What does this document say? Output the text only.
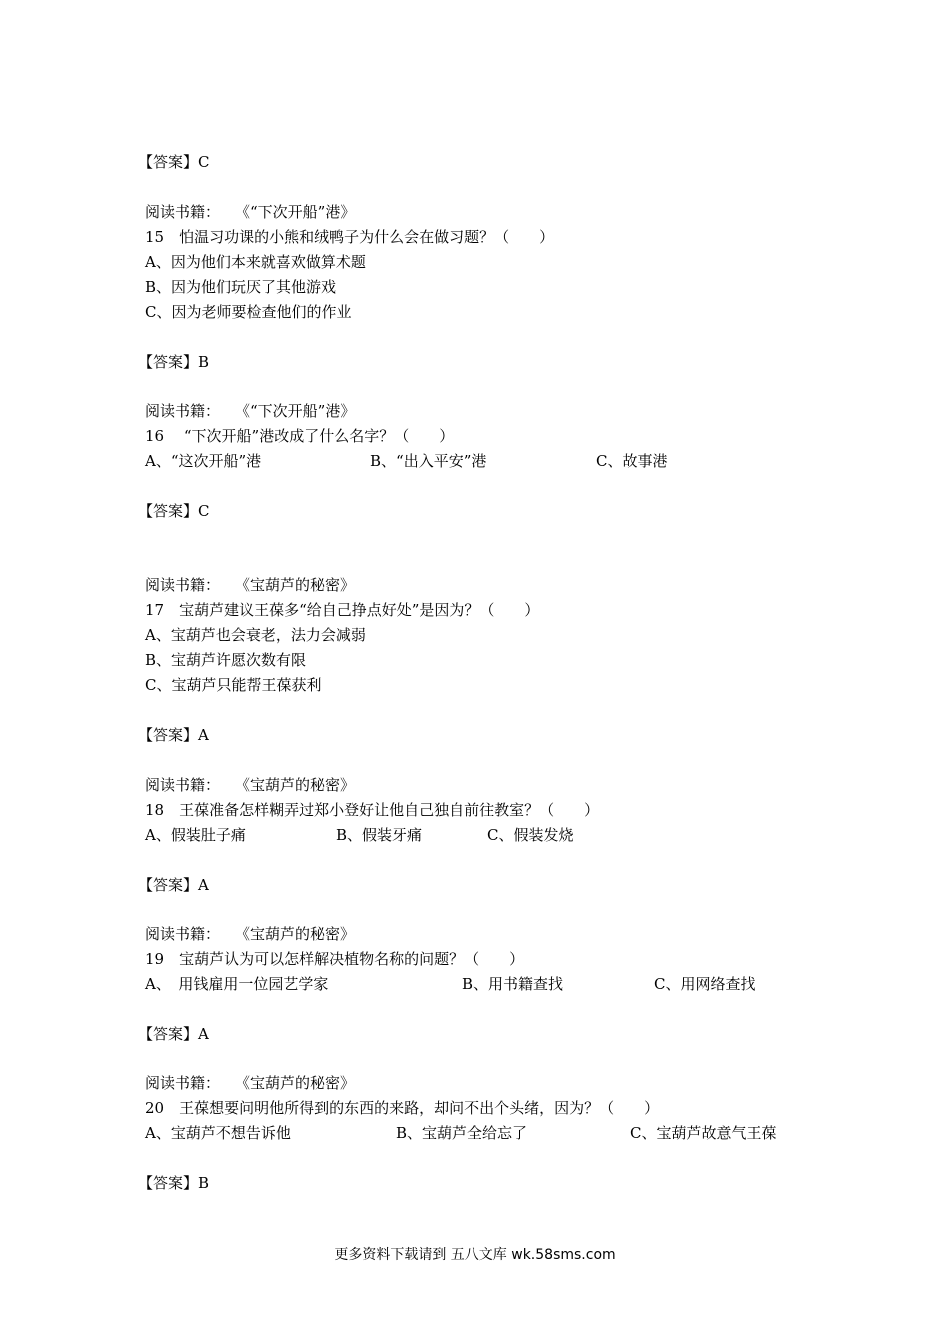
【答案】C
阅读书籍：　　《“下次开船”港》
15　怕温习功课的小熊和绒鸭子为什么会在做习题？（　　）
A、因为他们本来就喜欢做算术题
B、因为他们玩厌了其他游戏
C、因为老师要检查他们的作业
【答案】B
阅读书籍：　　《“下次开船”港》
16　 “下次开船”港改成了什么名字？（　　）
A、“这次开船”港	B、“出入平安”港	C、故事港
【答案】C
阅读书籍：　　《宝葫芦的秘密》
17　宝葫芦建议王葆多“给自己挣点好处”是因为？（　　）
A、宝葫芦也会衰老，法力会减弱
B、宝葫芦许愿次数有限
C、宝葫芦只能帮王葆获利
【答案】A
阅读书籍：　　《宝葫芦的秘密》
18　王葆准备怎样糊弄过郑小登好让他自己独自前往教室？（　　）
A、假装肚子痛	B、假装牙痛	C、假装发烧
【答案】A
阅读书籍：　　《宝葫芦的秘密》
19　宝葫芦认为可以怎样解决植物名称的问题？（　　）
A、　用钱雇用一位园艺学家	B、用书籍查找	C、用网络查找
【答案】A
阅读书籍：　　《宝葫芦的秘密》
20　王葆想要问明他所得到的东西的来路，却问不出个头绪，因为？（　　）
A、宝葫芦不想告诉他	B、宝葫芦全给忘了	C、宝葫芦故意气王葆
【答案】B
更多资料下载请到 五八文库 wk.58sms.com
